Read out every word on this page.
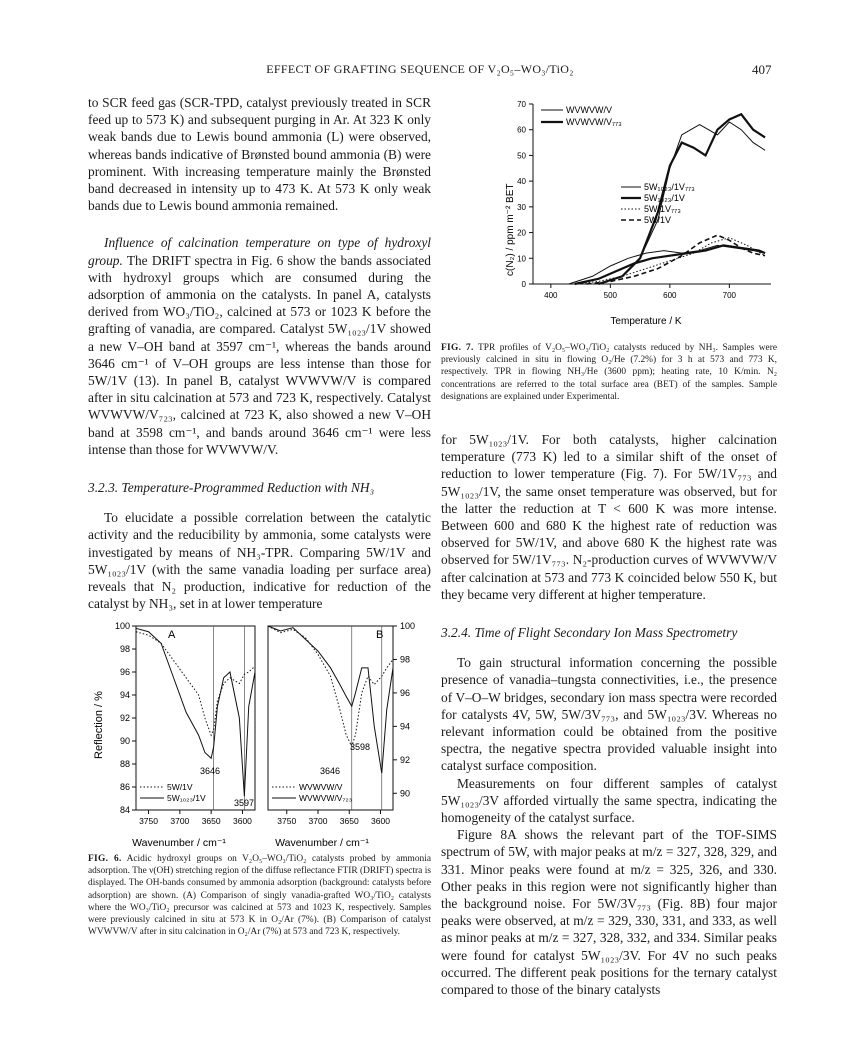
EFFECT OF GRAFTING SEQUENCE OF V₂O₅–WO₃/TiO₂	407

to SCR feed gas (SCR-TPD, catalyst previously treated in SCR feed up to 573 K) and subsequent purging in Ar. At 323 K only weak bands due to Lewis bound ammonia (L) were observed, whereas bands indicative of Brønsted bound ammonia (B) were prominent. With increasing temperature mainly the Brønsted band decreased in intensity up to 473 K. At 573 K only weak bands due to Lewis bound ammonia remained.

Influence of calcination temperature on type of hydroxyl group. The DRIFT spectra in Fig. 6 show the bands associated with hydroxyl groups which are consumed during the adsorption of ammonia on the catalysts. In panel A, catalysts derived from WO₃/TiO₂, calcined at 573 or 1023 K before the grafting of vanadia, are compared. Catalyst 5W₁₀₂₃/1V showed a new V–OH band at 3597 cm⁻¹, whereas the bands around 3646 cm⁻¹ of V–OH groups are less intense than those for 5W/1V (13). In panel B, catalyst WVWVW/V is compared after in situ calcination at 573 and 723 K, respectively. Catalyst WVWVW/V₇₂₃, calcined at 723 K, also showed a new V–OH band at 3598 cm⁻¹, and bands around 3646 cm⁻¹ were less intense than those for WVWVW/V.

3.2.3. Temperature-Programmed Reduction with NH₃

To elucidate a possible correlation between the catalytic activity and the reducibility by ammonia, some catalysts were investigated by means of NH₃-TPR. Comparing 5W/1V and 5W₁₀₂₃/1V (with the same vanadia loading per surface area) reveals that N₂ production, indicative for reduction of the catalyst by NH₃, set in at lower temperature

0
10
20
30
40
50
60
70
400	500	600	700
c(N₂) / ppm m⁻² BET
Temperature / K
WVWVW/V
WVWVW/V₇₇₃
5W₁₀₂₃/1V₇₇₃
5W₁₀₂₃/1V
5W/1V₇₇₃
5W/1V
FIG. 7. TPR profiles of V₂O₅–WO₃/TiO₂ catalysts reduced by NH₃. Samples were previously calcined in situ in flowing O₂/He (7.2%) for 3 h at 573 and 773 K, respectively. TPR in flowing NH₃/He (3600 ppm); heating rate, 10 K/min. N₂ concentrations are referred to the total surface area (BET) of the samples. Sample designations are explained under Experimental.

for 5W₁₀₂₃/1V. For both catalysts, higher calcination temperature (773 K) led to a similar shift of the onset of reduction to lower temperature (Fig. 7). For 5W/1V₇₇₃ and 5W₁₀₂₃/1V, the same onset temperature was observed, but for the latter the reduction at T < 600 K was more intense. Between 600 and 680 K the highest rate of reduction was observed for 5W/1V, and above 680 K the highest rate was observed for 5W/1V₇₇₃. N₂-production curves of WVWVW/V after calcination at 573 and 773 K coincided below 550 K, but they became very different at higher temperature.

3.2.4. Time of Flight Secondary Ion Mass Spectrometry

To gain structural information concerning the possible presence of vanadia–tungsta connectivities, i.e., the presence of V–O–W bridges, secondary ion mass spectra were recorded for catalysts 4V, 5W, 5W/3V₇₇₃, and 5W₁₀₂₃/3V. Whereas no relevant information could be obtained from the positive spectra, the negative spectra provided valuable insight into catalyst surface composition.

Measurements on four different samples of catalyst 5W₁₀₂₃/3V afforded virtually the same spectra, indicating the homogeneity of the catalyst surface.

Figure 8A shows the relevant part of the TOF-SIMS spectrum of 5W, with major peaks at m/z = 327, 328, 329, and 331. Minor peaks were found at m/z = 325, 326, and 330. Other peaks in this region were not significantly higher than the background noise. For 5W/3V₇₇₃ (Fig. 8B) four major peaks were observed, at m/z = 329, 330, 331, and 333, as well as minor peaks at m/z = 327, 328, 332, and 334. Similar peaks were found for catalyst 5W₁₀₂₃/3V. For 4V no such peaks occurred. The different peak positions for the ternary catalyst compared to those of the binary catalysts

84
86
88
90
92
94
96
98
100
3750 3700 3650 3600
90
92
94
96
98
100
3750 3700 3650 3600
A	B
3646
3597
3598
3646
5W/1V
5W₁₀₂₃/1V
WVWVW/V
WVWVW/V₇₂₃
Reflection / %
Wavenumber / cm⁻¹	Wavenumber / cm⁻¹
FIG. 6. Acidic hydroxyl groups on V₂O₅–WO₃/TiO₂ catalysts probed by ammonia adsorption. The ν(OH) stretching region of the diffuse reflectance FTIR (DRIFT) spectra is displayed. The OH-bands consumed by ammonia adsorption (background: catalysts before adsorption) are shown. (A) Comparison of singly vanadia-grafted WO₃/TiO₂ catalysts where the WO₃/TiO₂ precursor was calcined at 573 and 1023 K, respectively. Samples were previously calcined in situ at 573 K in O₂/Ar (7%). (B) Comparison of catalyst WVWVW/V after in situ calcination in O₂/Ar (7%) at 573 and 723 K, respectively.
